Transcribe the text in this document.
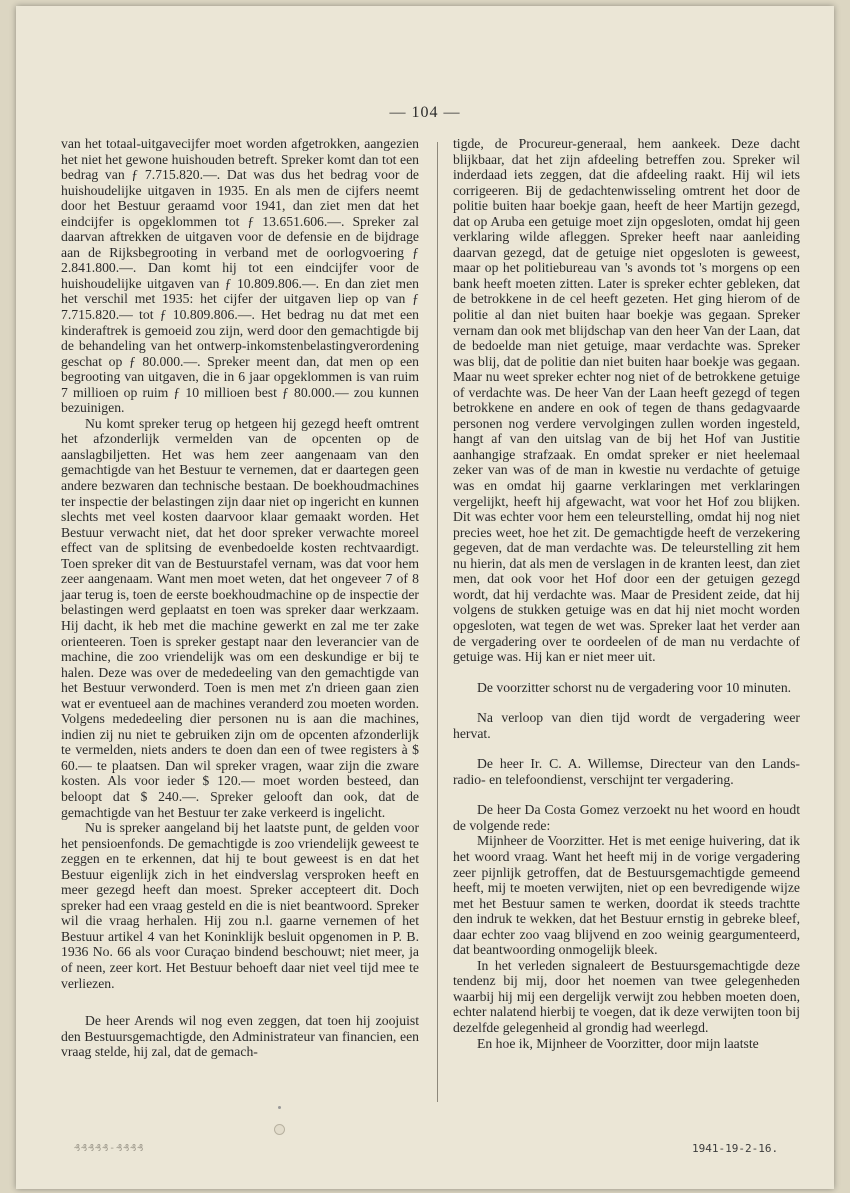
— 104 —

van het totaal-uitgavecijfer moet worden afgetrokken, aangezien het niet het gewone huishouden betreft. Spreker komt dan tot een bedrag van ƒ 7.715.820.—. Dat was dus het bedrag voor de huishoudelijke uitgaven in 1935. En als men de cijfers neemt door het Bestuur geraamd voor 1941, dan ziet men dat het eindcijfer is opgeklommen tot ƒ 13.651.606.—. Spreker zal daarvan aftrekken de uitgaven voor de defensie en de bijdrage aan de Rijksbegrooting in verband met de oorlogvoering ƒ 2.841.800.—. Dan komt hij tot een eindcijfer voor de huishoudelijke uitgaven van ƒ 10.809.806.—. En dan ziet men het verschil met 1935: het cijfer der uitgaven liep op van ƒ 7.715.820.— tot ƒ 10.809.806.—. Het bedrag nu dat met een kinderaftrek is gemoeid zou zijn, werd door den gemachtigde bij de behandeling van het ontwerp-inkomstenbelastingverordening geschat op ƒ 80.000.—. Spreker meent dan, dat men op een begrooting van uitgaven, die in 6 jaar opgeklommen is van ruim 7 millioen op ruim ƒ 10 millioen best ƒ 80.000.— zou kunnen bezuinigen.

Nu komt spreker terug op hetgeen hij gezegd heeft omtrent het afzonderlijk vermelden van de opcenten op de aanslagbiljetten. Het was hem zeer aangenaam van den gemachtigde van het Bestuur te vernemen, dat er daartegen geen andere bezwaren dan technische bestaan. De boekhoudmachines ter inspectie der belastingen zijn daar niet op ingericht en kunnen slechts met veel kosten daarvoor klaar gemaakt worden. Het Bestuur verwacht niet, dat het door spreker verwachte moreel effect van de splitsing de evenbedoelde kosten rechtvaardigt. Toen spreker dit van de Bestuurstafel vernam, was dat voor hem zeer aangenaam. Want men moet weten, dat het ongeveer 7 of 8 jaar terug is, toen de eerste boekhoudmachine op de inspectie der belastingen werd geplaatst en toen was spreker daar werkzaam. Hij dacht, ik heb met die machine gewerkt en zal me ter zake orienteeren. Toen is spreker gestapt naar den leverancier van de machine, die zoo vriendelijk was om een deskundige er bij te halen. Deze was over de mededeeling van den gemachtigde van het Bestuur verwonderd. Toen is men met z'n drieen gaan zien wat er eventueel aan de machines veranderd zou moeten worden. Volgens mededeeling dier personen nu is aan die machines, indien zij nu niet te gebruiken zijn om de opcenten afzonderlijk te vermelden, niets anders te doen dan een of twee registers à $ 60.— te plaatsen. Dan wil spreker vragen, waar zijn die zware kosten. Als voor ieder $ 120.— moet worden besteed, dan beloopt dat $ 240.—. Spreker gelooft dan ook, dat de gemachtigde van het Bestuur ter zake verkeerd is ingelicht.

Nu is spreker aangeland bij het laatste punt, de gelden voor het pensioenfonds. De gemachtigde is zoo vriendelijk geweest te zeggen en te erkennen, dat hij te bout geweest is en dat het Bestuur eigenlijk zich in het eindverslag versproken heeft en meer gezegd heeft dan moest. Spreker accepteert dit. Doch spreker had een vraag gesteld en die is niet beantwoord. Spreker wil die vraag herhalen. Hij zou n.l. gaarne vernemen of het Bestuur artikel 4 van het Koninklijk besluit opgenomen in P. B. 1936 No. 66 als voor Curaçao bindend beschouwt; niet meer, ja of neen, zeer kort. Het Bestuur behoeft daar niet veel tijd mee te verliezen.

De heer Arends wil nog even zeggen, dat toen hij zoojuist den Bestuursgemachtigde, den Administrateur van financien, een vraag stelde, hij zal, dat de gemach-

tigde, de Procureur-generaal, hem aankeek. Deze dacht blijkbaar, dat het zijn afdeeling betreffen zou. Spreker wil inderdaad iets zeggen, dat die afdeeling raakt. Hij wil iets corrigeeren. Bij de gedachtenwisseling omtrent het door de politie buiten haar boekje gaan, heeft de heer Martijn gezegd, dat op Aruba een getuige moet zijn opgesloten, omdat hij geen verklaring wilde afleggen. Spreker heeft naar aanleiding daarvan gezegd, dat de getuige niet opgesloten is geweest, maar op het politiebureau van 's avonds tot 's morgens op een bank heeft moeten zitten. Later is spreker echter gebleken, dat de betrokkene in de cel heeft gezeten. Het ging hierom of de politie al dan niet buiten haar boekje was gegaan. Spreker vernam dan ook met blijdschap van den heer Van der Laan, dat de bedoelde man niet getuige, maar verdachte was. Spreker was blij, dat de politie dan niet buiten haar boekje was gegaan. Maar nu weet spreker echter nog niet of de betrokkene getuige of verdachte was. De heer Van der Laan heeft gezegd of tegen betrokkene en andere en ook of tegen de thans gedagvaarde personen nog verdere vervolgingen zullen worden ingesteld, hangt af van den uitslag van de bij het Hof van Justitie aanhangige strafzaak. En omdat spreker er niet heelemaal zeker van was of de man in kwestie nu verdachte of getuige was en omdat hij gaarne verklaringen met verklaringen vergelijkt, heeft hij afgewacht, wat voor het Hof zou blijken. Dit was echter voor hem een teleurstelling, omdat hij nog niet precies weet, hoe het zit. De gemachtigde heeft de verzekering gegeven, dat de man verdachte was. De teleurstelling zit hem nu hierin, dat als men de verslagen in de kranten leest, dan ziet men, dat ook voor het Hof door een der getuigen gezegd wordt, dat hij verdachte was. Maar de President zeide, dat hij volgens de stukken getuige was en dat hij niet mocht worden opgesloten, wat tegen de wet was. Spreker laat het verder aan de vergadering over te oordeelen of de man nu verdachte of getuige was. Hij kan er niet meer uit.

De voorzitter schorst nu de vergadering voor 10 minuten.

Na verloop van dien tijd wordt de vergadering weer hervat.

De heer Ir. C. A. Willemse, Directeur van den Lands-radio- en telefoondienst, verschijnt ter vergadering.

De heer Da Costa Gomez verzoekt nu het woord en houdt de volgende rede:

Mijnheer de Voorzitter. Het is met eenige huivering, dat ik het woord vraag. Want het heeft mij in de vorige vergadering zeer pijnlijk getroffen, dat de Bestuursgemachtigde gemeend heeft, mij te moeten verwijten, niet op een bevredigende wijze met het Bestuur samen te werken, doordat ik steeds trachtte den indruk te wekken, dat het Bestuur ernstig in gebreke bleef, daar echter zoo vaag blijvend en zoo weinig geargumenteerd, dat beantwoording onmogelijk bleek.

In het verleden signaleert de Bestuursgemachtigde deze tendenz bij mij, door het noemen van twee gelegenheden waarbij hij mij een dergelijk verwijt zou hebben moeten doen, echter nalatend hierbij te voegen, dat ik deze verwijten toon bij dezelfde gelegenheid al grondig had weerlegd.

En hoe ik, Mijnheer de Voorzitter, door mijn laatste

₰₰₰₰₰-₰₰₰₰	1941-19-2-16.
